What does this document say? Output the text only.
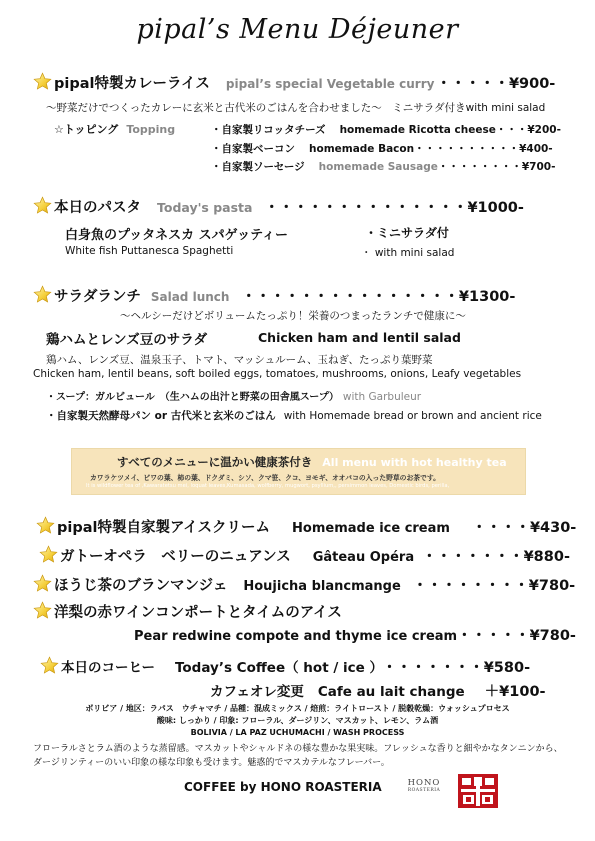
pipal’s Menu Déjeuner
pipal特製カレーライス pipal’s special Vegetable curry ・・・・・¥900-
～野菜だけでつくったカレーに玄米と古代米のごはんを合わせました～　ミニサラダ付きwith mini salad
☆トッピング Topping	・自家製リコッタチーズ homemade Ricotta cheese・・・¥200-
・自家製ベーコン homemade Bacon・・・・・・・・・・¥400-
・自家製ソーセージ homemade Sausage・・・・・・・・¥700-
本日のパスタ Today's pasta ・・・・・・・・・・・・・・¥1000-
白身魚のプッタネスカ スパゲッティー	・ミニサラダ付
White fish Puttanesca Spaghetti	・ with mini salad
サラダランチ Salad lunch ・・・・・・・・・・・・・・・¥1300-
～ヘルシーだけどボリュームたっぷり！栄養のつまったランチで健康に～
鶏ハムとレンズ豆のサラダ	Chicken ham and lentil salad
鶏ハム、レンズ豆、温泉玉子、トマト、マッシュルーム、玉ねぎ、たっぷり葉野菜
Chicken ham, lentil beans, soft boiled eggs, tomatoes, mushrooms, onions, Leafy vegetables
・スープ：ガルビュール　（生ハムの出汁と野菜の田舎風スープ） with Garbuleur
・自家製天然酵母パン or 古代米と玄米のごはん with Homemade bread or brown and ancient rice
すべてのメニューに温かい健康茶付き All menu with hot healthy tea
カワラケツメイ、ビワの葉、柿の葉、ドクダミ、シソ、クマ笹、クコ、ヨモギ、オオバコの入った野草のお茶です。
It is wildflower tea of ,Kawaratetsu mei, loquat leaves,Kumasada, wolfberry, mugwort, psyllium,, persimmon leaves, Domestic birds, perilla,
pipal特製自家製アイスクリーム Homemade ice cream ・・・・¥430-
ガトーオペラ　ベリーのニュアンス Gâteau Opéra ・・・・・・・¥880-
ほうじ茶のブランマンジェ Houjicha blancmange ・・・・・・・・¥780-
洋梨の赤ワインコンポートとタイムのアイス
Pear redwine compote and thyme ice cream・・・・・¥780-
本日のコーヒー Today’s Coffee（ hot / ice ） ・・・・・・・¥580-
カフェオレ変更 Cafe au lait change ＋¥100-
ボリビア / 地区：ラパス　ウチャマチ / 品種：混成ミックス / 焙煎：ライトロースト / 脱穀乾燥：ウォッシュプロセス
酸味: しっかり / 印象: フローラル、ダージリン、マスカット、レモン、ラム酒
BOLIVIA / LA PAZ UCHUMACHI / WASH PROCESS
フローラルさとラム酒のような蒸留感。マスカットやシャルドネの様な豊かな果実味。フレッシュな香りと細やかなタンニンから、
ダージリンティーのいい印象の様な印象も受けます。魅惑的でマスカテルなフレーバー。
COFFEE by HONO ROASTERIA	HONO
ROASTERIA
